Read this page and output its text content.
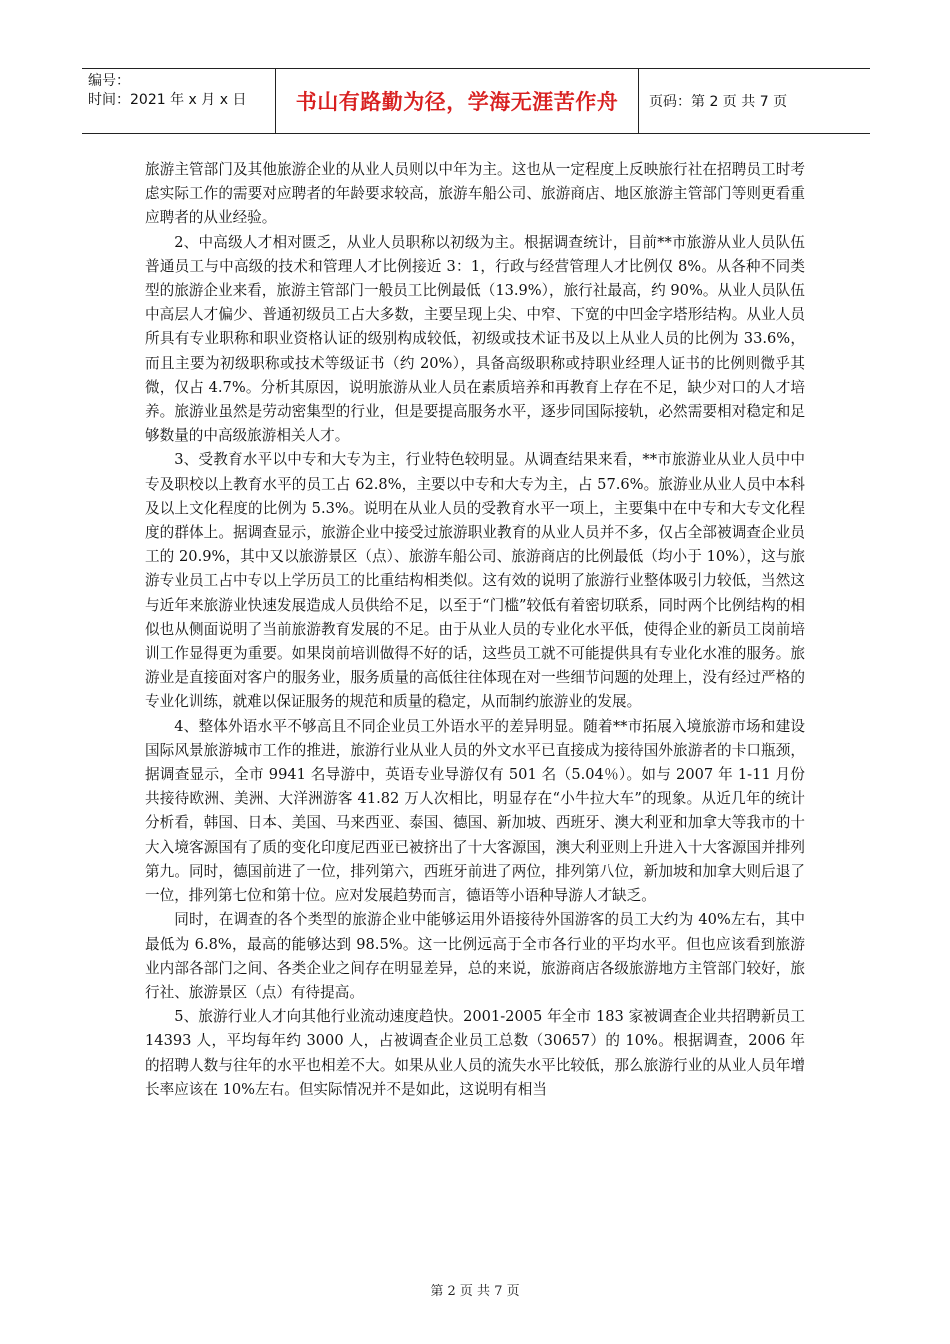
编号：
时间：2021 年 x 月 x 日	书山有路勤为径，学海无涯苦作舟	页码：第 2 页 共 7 页

旅游主管部门及其他旅游企业的从业人员则以中年为主。这也从一定程度上反映旅行社在招聘员工时考虑实际工作的需要对应聘者的年龄要求较高，旅游车船公司、旅游商店、地区旅游主管部门等则更看重应聘者的从业经验。

2、中高级人才相对匮乏，从业人员职称以初级为主。根据调查统计，目前**市旅游从业人员队伍普通员工与中高级的技术和管理人才比例接近 3：1，行政与经营管理人才比例仅 8%。从各种不同类型的旅游企业来看，旅游主管部门一般员工比例最低（13.9%），旅行社最高，约 90%。从业人员队伍中高层人才偏少、普通初级员工占大多数，主要呈现上尖、中窄、下宽的中凹金字塔形结构。从业人员所具有专业职称和职业资格认证的级别构成较低，初级或技术证书及以上从业人员的比例为 33.6%，而且主要为初级职称或技术等级证书（约 20%），具备高级职称或持职业经理人证书的比例则微乎其微，仅占 4.7%。分析其原因，说明旅游从业人员在素质培养和再教育上存在不足，缺少对口的人才培养。旅游业虽然是劳动密集型的行业，但是要提高服务水平，逐步同国际接轨，必然需要相对稳定和足够数量的中高级旅游相关人才。

3、受教育水平以中专和大专为主，行业特色较明显。从调查结果来看，**市旅游业从业人员中中专及职校以上教育水平的员工占 62.8%，主要以中专和大专为主，占 57.6%。旅游业从业人员中本科及以上文化程度的比例为 5.3%。说明在从业人员的受教育水平一项上，主要集中在中专和大专文化程度的群体上。据调查显示，旅游企业中接受过旅游职业教育的从业人员并不多，仅占全部被调查企业员工的 20.9%，其中又以旅游景区（点）、旅游车船公司、旅游商店的比例最低（均小于 10%），这与旅游专业员工占中专以上学历员工的比重结构相类似。这有效的说明了旅游行业整体吸引力较低，当然这与近年来旅游业快速发展造成人员供给不足，以至于“门槛”较低有着密切联系，同时两个比例结构的相似也从侧面说明了当前旅游教育发展的不足。由于从业人员的专业化水平低，使得企业的新员工岗前培训工作显得更为重要。如果岗前培训做得不好的话，这些员工就不可能提供具有专业化水准的服务。旅游业是直接面对客户的服务业，服务质量的高低往往体现在对一些细节问题的处理上，没有经过严格的专业化训练，就难以保证服务的规范和质量的稳定，从而制约旅游业的发展。

4、整体外语水平不够高且不同企业员工外语水平的差异明显。随着**市拓展入境旅游市场和建设国际风景旅游城市工作的推进，旅游行业从业人员的外文水平已直接成为接待国外旅游者的卡口瓶颈，据调查显示，全市 9941 名导游中，英语专业导游仅有 501 名（5.04％）。如与 2007 年 1-11 月份共接待欧洲、美洲、大洋洲游客 41.82 万人次相比，明显存在“小牛拉大车”的现象。从近几年的统计分析看，韩国、日本、美国、马来西亚、泰国、德国、新加坡、西班牙、澳大利亚和加拿大等我市的十大入境客源国有了质的变化印度尼西亚已被挤出了十大客源国，澳大利亚则上升进入十大客源国并排列第九。同时，德国前进了一位，排列第六，西班牙前进了两位，排列第八位，新加坡和加拿大则后退了一位，排列第七位和第十位。应对发展趋势而言，德语等小语种导游人才缺乏。

同时，在调查的各个类型的旅游企业中能够运用外语接待外国游客的员工大约为 40%左右，其中最低为 6.8%，最高的能够达到 98.5%。这一比例远高于全市各行业的平均水平。但也应该看到旅游业内部各部门之间、各类企业之间存在明显差异，总的来说，旅游商店各级旅游地方主管部门较好，旅行社、旅游景区（点）有待提高。

5、旅游行业人才向其他行业流动速度趋快。2001-2005 年全市 183 家被调查企业共招聘新员工 14393 人，平均每年约 3000 人，占被调查企业员工总数（30657）的 10%。根据调查，2006 年的招聘人数与往年的水平也相差不大。如果从业人员的流失水平比较低，那么旅游行业的从业人员年增长率应该在 10%左右。但实际情况并不是如此，这说明有相当

第 2 页 共 7 页
